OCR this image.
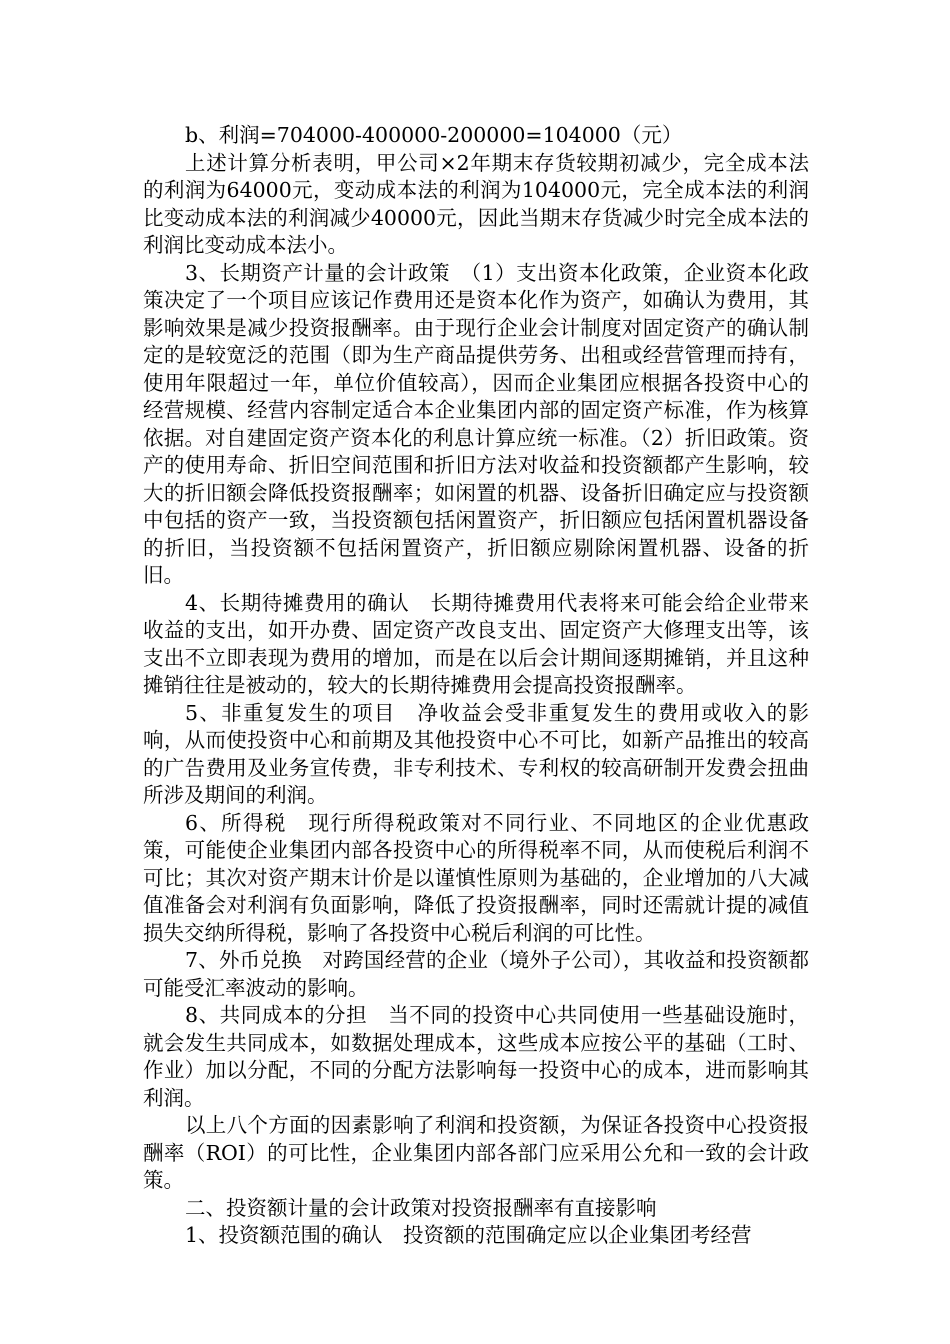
b、利润=704000-400000-200000=104000（元）

上述计算分析表明，甲公司×2年期末存货较期初减少，完全成本法的利润为64000元，变动成本法的利润为104000元，完全成本法的利润比变动成本法的利润减少40000元，因此当期末存货减少时完全成本法的利润比变动成本法小。

3、长期资产计量的会计政策　（1）支出资本化政策，企业资本化政策决定了一个项目应该记作费用还是资本化作为资产，如确认为费用，其影响效果是减少投资报酬率。由于现行企业会计制度对固定资产的确认制定的是较宽泛的范围（即为生产商品提供劳务、出租或经营管理而持有，使用年限超过一年，单位价值较高），因而企业集团应根据各投资中心的经营规模、经营内容制定适合本企业集团内部的固定资产标准，作为核算依据。对自建固定资产资本化的利息计算应统一标准。（2）折旧政策。资产的使用寿命、折旧空间范围和折旧方法对收益和投资额都产生影响，较大的折旧额会降低投资报酬率；如闲置的机器、设备折旧确定应与投资额中包括的资产一致，当投资额包括闲置资产，折旧额应包括闲置机器设备的折旧，当投资额不包括闲置资产，折旧额应剔除闲置机器、设备的折旧。

4、长期待摊费用的确认　长期待摊费用代表将来可能会给企业带来收益的支出，如开办费、固定资产改良支出、固定资产大修理支出等，该支出不立即表现为费用的增加，而是在以后会计期间逐期摊销，并且这种摊销往往是被动的，较大的长期待摊费用会提高投资报酬率。

5、非重复发生的项目　净收益会受非重复发生的费用或收入的影响，从而使投资中心和前期及其他投资中心不可比，如新产品推出的较高的广告费用及业务宣传费，非专利技术、专利权的较高研制开发费会扭曲所涉及期间的利润。

6、所得税　现行所得税政策对不同行业、不同地区的企业优惠政策，可能使企业集团内部各投资中心的所得税率不同，从而使税后利润不可比；其次对资产期末计价是以谨慎性原则为基础的，企业增加的八大减值准备会对利润有负面影响，降低了投资报酬率，同时还需就计提的减值损失交纳所得税，影响了各投资中心税后利润的可比性。

7、外币兑换　对跨国经营的企业（境外子公司），其收益和投资额都可能受汇率波动的影响。

8、共同成本的分担　当不同的投资中心共同使用一些基础设施时，就会发生共同成本，如数据处理成本，这些成本应按公平的基础（工时、作业）加以分配，不同的分配方法影响每一投资中心的成本，进而影响其利润。

以上八个方面的因素影响了利润和投资额，为保证各投资中心投资报酬率（ROI）的可比性，企业集团内部各部门应采用公允和一致的会计政策。

二、投资额计量的会计政策对投资报酬率有直接影响

1、投资额范围的确认　投资额的范围确定应以企业集团考经营
